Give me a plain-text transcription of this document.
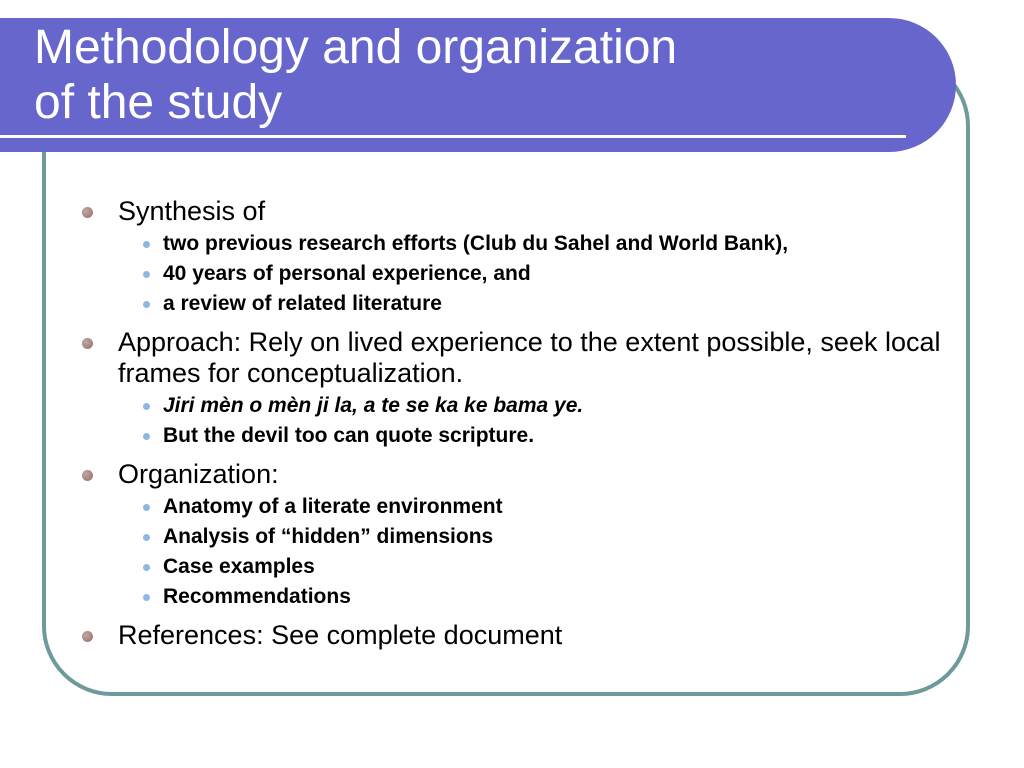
Methodology and organization
of the study
Synthesis of
two previous research efforts (Club du Sahel and World Bank),
40 years of personal experience, and
a review of related literature
Approach: Rely on lived experience to the extent possible, seek local frames for conceptualization.
Jiri mèn o mèn ji la, a te se ka ke bama ye.
But the devil too can quote scripture.
Organization:
Anatomy of a literate environment
Analysis of “hidden” dimensions
Case examples
Recommendations
References: See complete document
